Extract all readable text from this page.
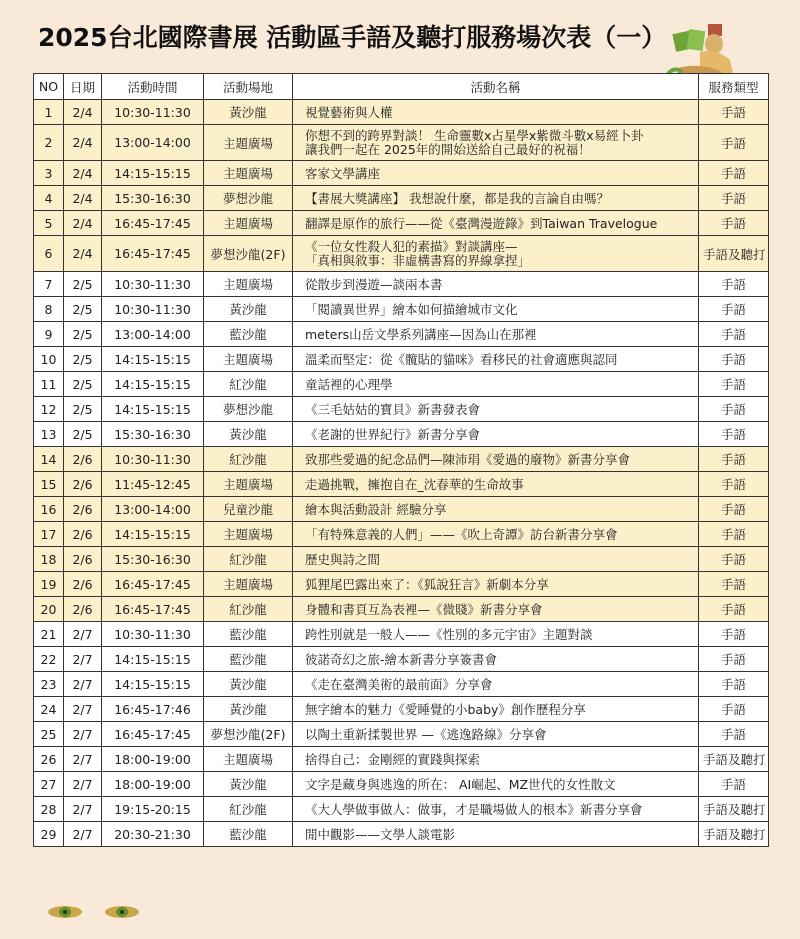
2025台北國際書展 活動區手語及聽打服務場次表（一）
NO	日期	活動時間	活動場地	活動名稱	服務類型
1	2/4	10:30-11:30	黃沙龍	視覺藝術與人權	手語
2	2/4	13:00-14:00	主題廣場	你想不到的跨界對談！ 生命靈數x占星學x紫微斗數x易經卜卦
讓我們一起在 2025年的開始送給自己最好的祝福！	手語
3	2/4	14:15-15:15	主題廣場	客家文學講座	手語
4	2/4	15:30-16:30	夢想沙龍	【書展大獎講座】 我想說什麼，都是我的言論自由嗎？	手語
5	2/4	16:45-17:45	主題廣場	翻譯是原作的旅行——從《臺灣漫遊錄》到Taiwan Travelogue	手語
6	2/4	16:45-17:45	夢想沙龍(2F)	《一位女性殺人犯的素描》對談講座—
「真相與敘事：非虛構書寫的界線拿捏」	手語及聽打
7	2/5	10:30-11:30	主題廣場	從散步到漫遊—談兩本書	手語
8	2/5	10:30-11:30	黃沙龍	「閱讀異世界」繪本如何描繪城市文化	手語
9	2/5	13:00-14:00	藍沙龍	meters山岳文學系列講座—因為山在那裡	手語
10	2/5	14:15-15:15	主題廣場	溫柔而堅定：從《髖貼的貓咪》看移民的社會適應與認同	手語
11	2/5	14:15-15:15	紅沙龍	童話裡的心理學	手語
12	2/5	14:15-15:15	夢想沙龍	《三毛姑姑的寶貝》新書發表會	手語
13	2/5	15:30-16:30	黃沙龍	《老謝的世界紀行》新書分享會	手語
14	2/6	10:30-11:30	紅沙龍	致那些愛過的紀念品們—陳沛琄《愛過的廢物》新書分享會	手語
15	2/6	11:45-12:45	主題廣場	走過挑戰，擁抱自在_沈春華的生命故事	手語
16	2/6	13:00-14:00	兒童沙龍	繪本與活動設計 經驗分享	手語
17	2/6	14:15-15:15	主題廣場	「有特殊意義的人們」——《吹上奇譚》訪台新書分享會	手語
18	2/6	15:30-16:30	紅沙龍	歷史與詩之間	手語
19	2/6	16:45-17:45	主題廣場	狐狸尾巴露出來了：《狐說狂言》新劇本分享	手語
20	2/6	16:45-17:45	紅沙龍	身體和書頁互為表裡—《微賤》新書分享會	手語
21	2/7	10:30-11:30	藍沙龍	跨性別就是一般人——《性別的多元宇宙》主題對談	手語
22	2/7	14:15-15:15	藍沙龍	彼諾奇幻之旅-繪本新書分享簽書會	手語
23	2/7	14:15-15:15	黃沙龍	《走在臺灣美術的最前面》分享會	手語
24	2/7	16:45-17:46	黃沙龍	無字繪本的魅力《愛睡覺的小baby》創作歷程分享	手語
25	2/7	16:45-17:45	夢想沙龍(2F)	以陶土重新揉製世界 —《逃逸路線》分享會	手語
26	2/7	18:00-19:00	主題廣場	捨得自己：金剛經的實踐與探索	手語及聽打
27	2/7	18:00-19:00	黃沙龍	文字是藏身與逃逸的所在： AI崛起、MZ世代的女性散文	手語
28	2/7	19:15-20:15	紅沙龍	《大人學做事做人：做事，才是職場做人的根本》新書分享會	手語及聽打
29	2/7	20:30-21:30	藍沙龍	閒中觀影——文學人談電影	手語及聽打
